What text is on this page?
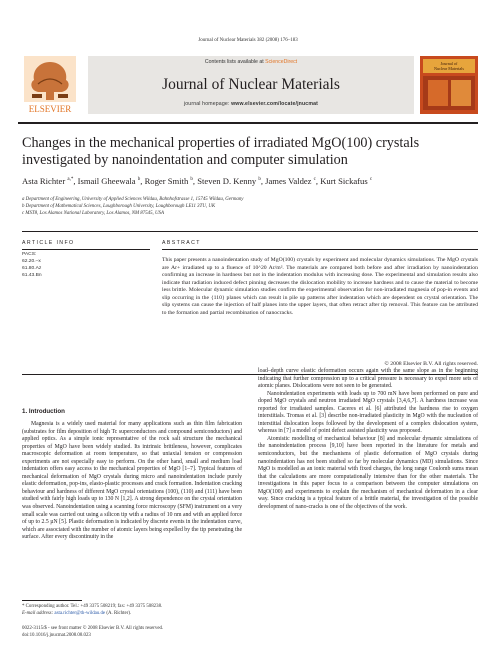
Journal of Nuclear Materials 382 (2008) 176–183
ELSEVIER
Contents lists available at ScienceDirect
Journal of Nuclear Materials
journal homepage: www.elsevier.com/locate/jnucmat
Journal of
Nuclear Materials
Changes in the mechanical properties of irradiated MgO(100) crystals investigated by nanoindentation and computer simulation
Asta Richter $^{a,*}$, Ismail Gheewala $^b$, Roger Smith $^b$, Steven D. Kenny $^b$, James Valdez $^c$, Kurt Sickafus $^c$
a Department of Engineering, University of Applied Sciences Wildau, Bahnhofstrasse 1, 15745 Wildau, Germany
b Department of Mathematical Sciences, Loughborough University, Loughborough LE11 3TU, UK
c MST8, Los Alamos National Laboratory, Los Alamos, NM 87545, USA
ARTICLE INFO
PACS:
62.20.–x
61.80.Az
61.43.Bn
ABSTRACT
This paper presents a nanoindentation study of MgO(100) crystals by experiment and molecular dynamics simulations. The MgO crystals are Ar+ irradiated up to a fluence of 10^20 Ar/m². The materials are compared both before and after irradiation by nanoindentation confirming an increase in hardness but not in the indentation modulus with increasing dose. The experimental and simulation results also indicate that radiation induced defect pinning decreases the dislocation mobility to increase hardness and to cause the material to become less brittle. Molecular dynamic simulation studies confirm the experimental observation for non-irradiated magnesia of pop-in events and slip occurring in the {110} planes which can result in pile up patterns after indentation which are dependent on crystal orientation. The slip systems can cause the injection of half planes into the upper layers, that often retract after tip removal. This feature can be attributed to the formation and partial recombination of nanocracks.
© 2008 Elsevier B.V. All rights reserved.
1. Introduction

Magnesia is a widely used material for many applications such as thin film fabrication (substrates for film deposition of high Tc superconductors and compound semiconductors) and applied optics. As a simple ionic representative of the rock salt structure the mechanical properties of MgO have been widely studied. Its intrinsic brittleness, however, complicates macroscopic deformation at room temperature, so that uniaxial tension or compression experiments are not especially easy to perform. On the other hand, small and medium load indentation offers easy access to the mechanical properties of MgO [1–7]. Typical features of mechanical deformation of MgO crystals during micro and nanoindentation include purely elastic deformation, pop-ins, elasto-plastic processes and crack formation. Indentation cracking behaviour and hardness of different MgO crystal orientations (100), (110) and (111) have been studied with fairly high loads up to 130 N [1,2]. A strong dependence on the crystal orientation was observed. Nanoindentation using a scanning force microscopy (SFM) instrument on a very small scale was carried out using a silicon tip with a radius of 10 nm and with an applied force of up to 2.5 µN [5]. Plastic deformation is indicated by discrete events in the indentation curve, which are associated with the number of atomic layers being expelled by the tip penetrating the surface. After every discontinuity in the

load–depth curve elastic deformation occurs again with the same slope as in the beginning indicating that further compression up to a critical pressure is necessary to expel more sets of atomic planes. Dislocations were not seen to be generated.

Nanoindentation experiments with loads up to 700 mN have been performed on pure and doped MgO crystals and neutron irradiated MgO crystals [3,4,6,7]. A hardness increase was reported for irradiated samples. Caceres et al. [6] attributed the hardness rise to oxygen interstitials. Tromas et al. [3] describe non-irradiated plasticity in MgO with the nucleation of interstitial dislocation loops followed by the development of a complex dislocation system, whereas in [7] a model of point defect assisted plasticity was proposed.

Atomistic modelling of mechanical behaviour [8] and molecular dynamic simulations of the nanoindentation process [9,10] have been reported in the literature for metals and semiconductors, but the mechanisms of plastic deformation of MgO crystals during nanoindentation has not been studied so far by molecular dynamics (MD) simulations. Since MgO is modelled as an ionic material with fixed charges, the long range Coulomb sums mean that the calculations are more computationally intensive than for the other materials. The investigations in this paper focus to a comparison between the computer simulations on MgO(100) and experiments to explain the mechanism of mechanical deformation in a clear way. Since cracking is a typical feature of a brittle material, the investigation of the possible development of nano-cracks is one of the objectives of the work.

* Corresponding author. Tel.: +49 3375 508219; fax: +49 3375 508238.
E-mail address: asta.richter@th-wildau.de (A. Richter).
0022-3115/$ - see front matter © 2008 Elsevier B.V. All rights reserved.
doi:10.1016/j.jnucmat.2008.08.023
